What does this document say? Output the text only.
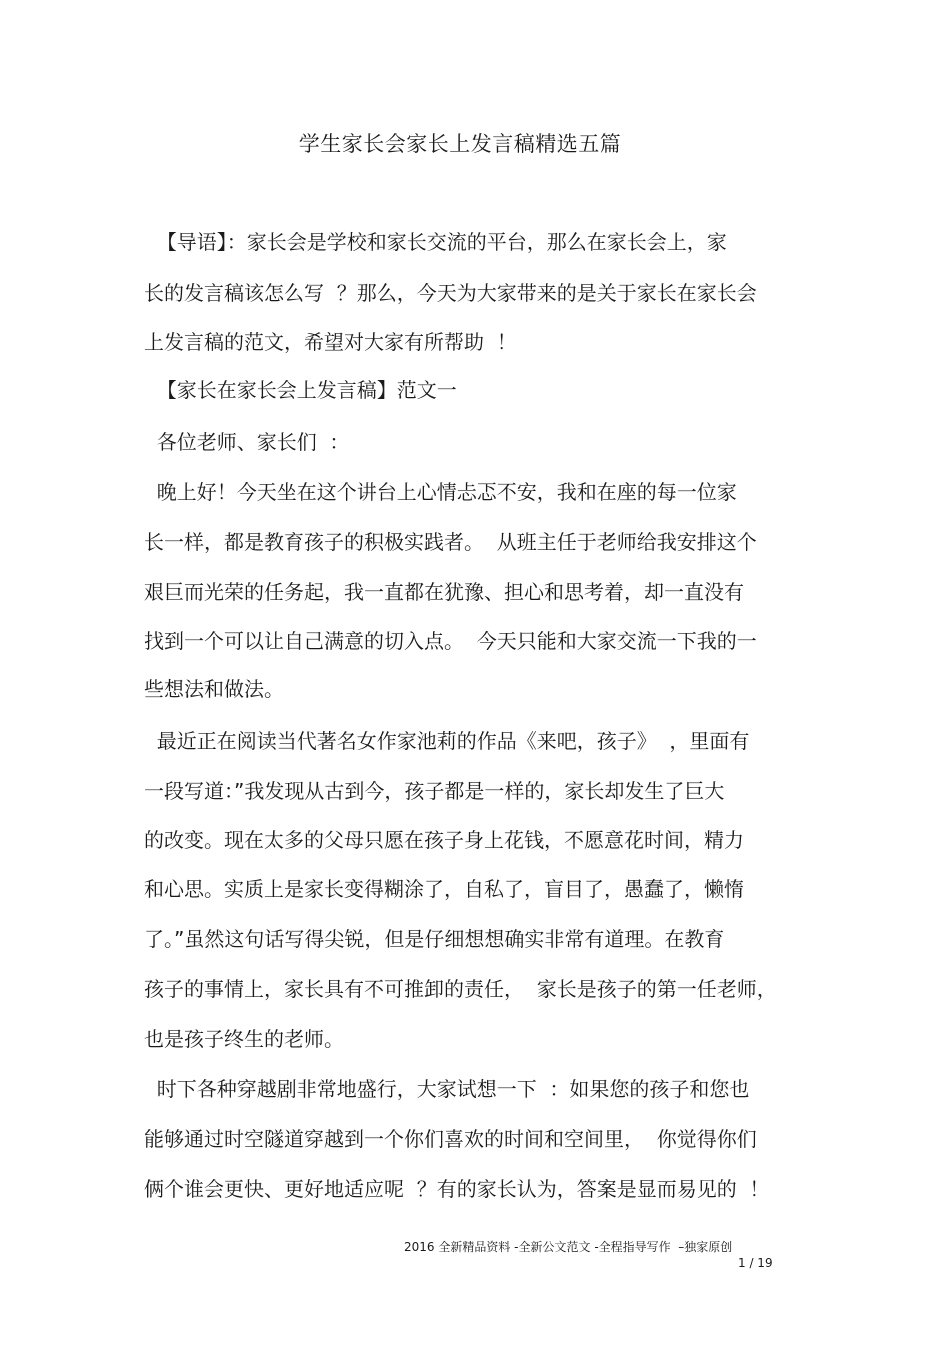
学生家长会家长上发言稿精选五篇
【导语】：家长会是学校和家长交流的平台，那么在家长会上，家
长的发言稿该怎么写  ？那么，今天为大家带来的是关于家长在家长会
上发言稿的范文，希望对大家有所帮助  ！
【家长在家长会上发言稿】范文一
各位老师、家长们  ：
晚上好！今天坐在这个讲台上心情忐忑不安，我和在座的每一位家
长一样，都是教育孩子的积极实践者。  从班主任于老师给我安排这个
艰巨而光荣的任务起，我一直都在犹豫、担心和思考着，却一直没有
找到一个可以让自己满意的切入点。  今天只能和大家交流一下我的一
些想法和做法。
最近正在阅读当代著名女作家池莉的作品《来吧，孩子》  ，里面有
一段写道：”我发现从古到今，孩子都是一样的，家长却发生了巨大
的改变。现在太多的父母只愿在孩子身上花钱，不愿意花时间，精力
和心思。实质上是家长变得糊涂了，自私了，盲目了，愚蠢了，懒惰
了。”虽然这句话写得尖锐，但是仔细想想确实非常有道理。在教育
孩子的事情上，家长具有不可推卸的责任，  家长是孩子的第一任老师，
也是孩子终生的老师。
时下各种穿越剧非常地盛行，大家试想一下  ：如果您的孩子和您也
能够通过时空隧道穿越到一个你们喜欢的时间和空间里，  你觉得你们
俩个谁会更快、更好地适应呢  ？有的家长认为，答案是显而易见的  ！
2016 全新精品资料 -全新公文范文 -全程指导写作  –独家原创
1 / 19
